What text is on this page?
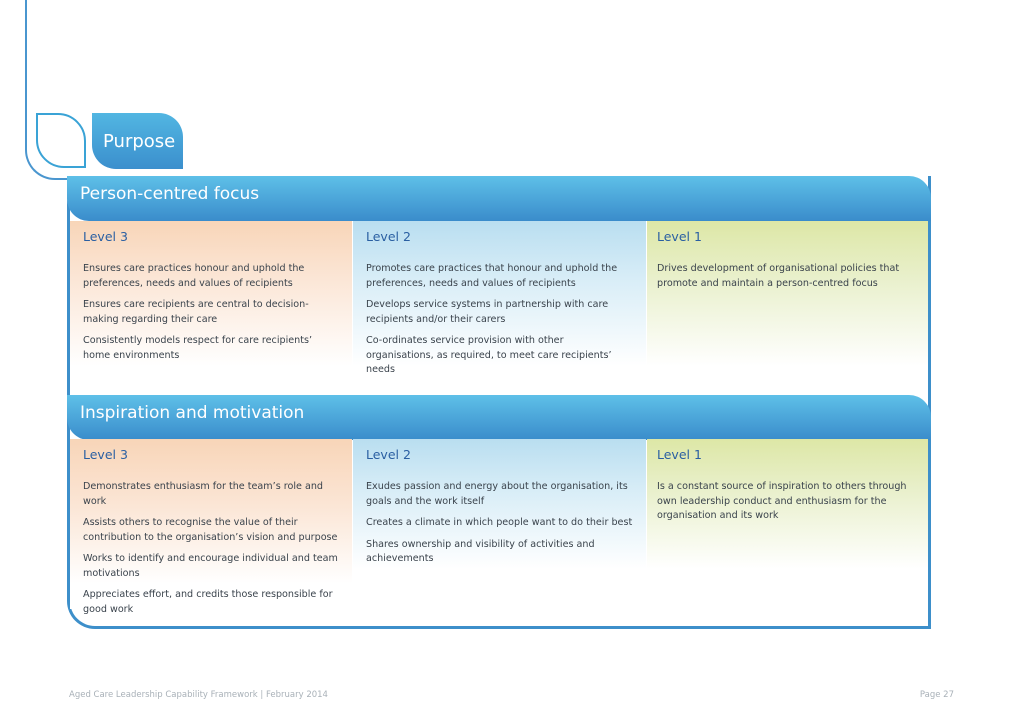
Purpose
Person-centred focus
Level 3
Ensures care practices honour and uphold the preferences, needs and values of recipients
Ensures care recipients are central to decision-making regarding their care
Consistently models respect for care recipients’ home environments
Level 2
Promotes care practices that honour and uphold the preferences, needs and values of recipients
Develops service systems in partnership with care recipients and/or their carers
Co-ordinates service provision with other organisations, as required, to meet care recipients’ needs
Level 1
Drives development of organisational policies that promote and maintain a person-centred focus
Inspiration and motivation
Level 3
Demonstrates enthusiasm for the team’s role and work
Assists others to recognise the value of their contribution to the organisation’s vision and purpose
Works to identify and encourage individual and team motivations
Appreciates effort, and credits those responsible for good work
Level 2
Exudes passion and energy about the organisation, its goals and the work itself
Creates a climate in which people want to do their best
Shares ownership and visibility of activities and achievements
Level 1
Is a constant source of inspiration to others through own leadership conduct and enthusiasm for the organisation and its work
Aged Care Leadership Capability Framework | February 2014	Page 27
